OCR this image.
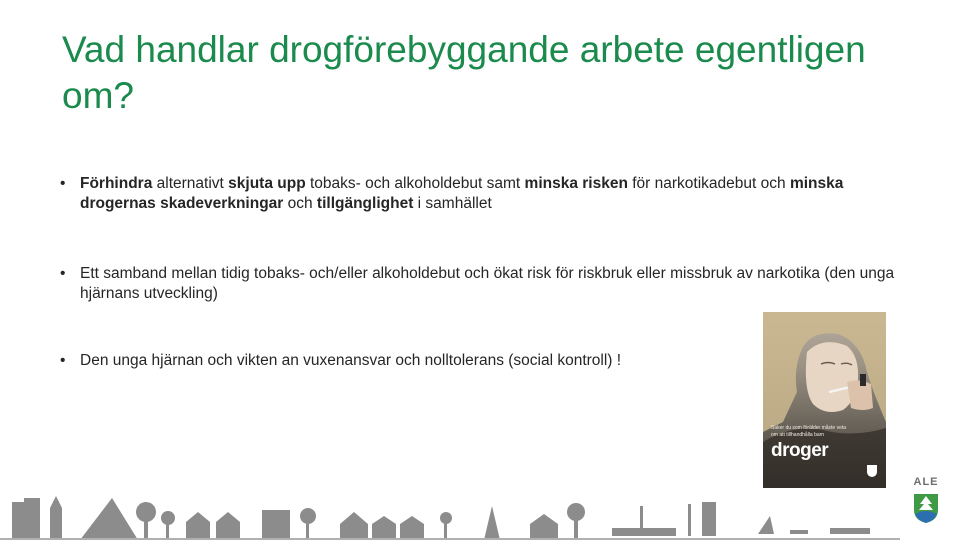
Vad handlar drogförebyggande arbete egentligen om?
• Förhindra alternativt skjuta upp tobaks- och alkoholdebut samt minska risken för narkotikadebut och minska drogernas skadeverkningar och tillgänglighet i samhället
• Ett samband mellan tidig tobaks- och/eller alkoholdebut och ökat risk för riskbruk eller missbruk av narkotika (den unga hjärnans utveckling)
• Den unga hjärnan och vikten an vuxenansvar och nolltolerans (social kontroll) !
Saker du som förälder måste veta om att tillhandhålla barn
droger
ALE
